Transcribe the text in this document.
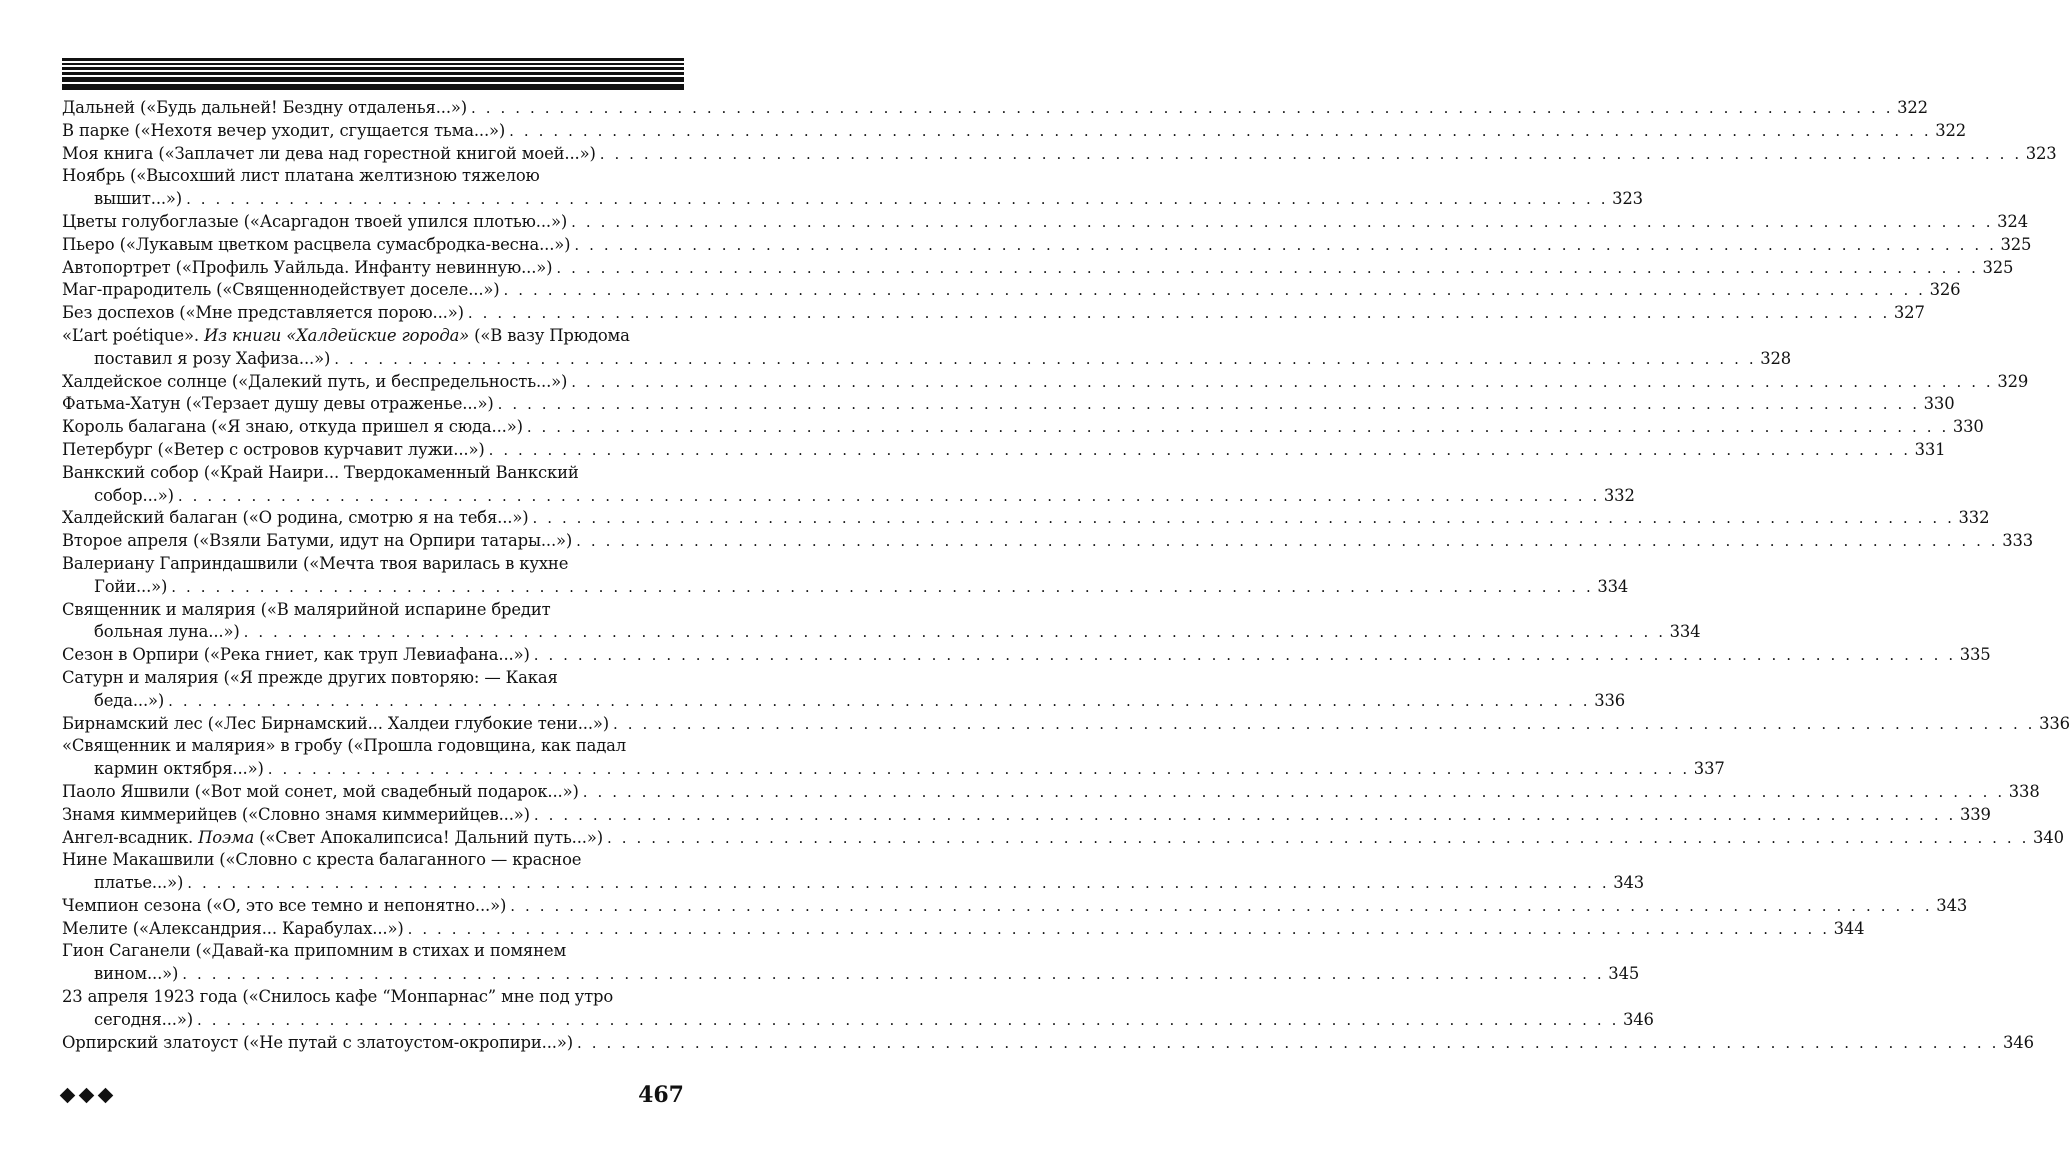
Дальней («Будь дальней! Бездну отдаленья...») . . .	322
В парке («Нехотя вечер уходит, сгущается тьма...») . . .	322
Моя книга («Заплачет ли дева над горестной книгой моей...») . . .	323
Ноябрь («Высохший лист платана желтизною тяжелою
вышит...») . . .	323
Цветы голубоглазые («Асаргадон твоей упился плотью...») . . .	324
Пьеро («Лукавым цветком расцвела сумасбродка-весна...») . . .	325
Автопортрет («Профиль Уайльда. Инфанту невинную...») . . .	325
Маг-прародитель («Священнодействует доселе...») . . .	326
Без доспехов («Мне представляется порою...») . . .	327
«L’art poétique». Из книги «Халдейские города» («В вазу Прюдома
поставил я розу Хафиза...») . . .	328
Халдейское солнце («Далекий путь, и беспредельность...») . . .	329
Фатьма-Хатун («Терзает душу девы отраженье...») . . .	330
Король балагана («Я знаю, откуда пришел я сюда...») . . .	330
Петербург («Ветер с островов курчавит лужи...») . . .	331
Ванкский собор («Край Наири... Твердокаменный Ванкский
собор...») . . .	332
Халдейский балаган («О родина, смотрю я на тебя...») . . .	332
Второе апреля («Взяли Батуми, идут на Орпири татары...») . . .	333
Валериану Гаприндашвили («Мечта твоя варилась в кухне
Гойи...») . . .	334
Священник и малярия («В малярийной испарине бредит
больная луна...») . . .	334
Сезон в Орпири («Река гниет, как труп Левиафана...») . . .	335
Сатурн и малярия («Я прежде других повторяю: — Какая
беда...») . . .	336
Бирнамский лес («Лес Бирнамский... Халдеи глубокие тени...») . . .	336
«Священник и малярия» в гробу («Прошла годовщина, как падал
кармин октября...») . . .	337
Паоло Яшвили («Вот мой сонет, мой свадебный подарок...») . . .	338
Знамя киммерийцев («Словно знамя киммерийцев...») . . .	339
Ангел-всадник. Поэма («Свет Апокалипсиса! Дальний путь...») . . .	340
Нине Макашвили («Словно с креста балаганного — красное
платье...») . . .	343
Чемпион сезона («О, это все темно и непонятно...») . . .	343
Мелите («Александрия... Карабулах...») . . .	344
Гион Саганели («Давай-ка припомним в стихах и помянем
вином...») . . .	345
23 апреля 1923 года («Снилось кафе “Монпарнас” мне под утро
сегодня...») . . .	346
Орпирский златоуст («Не путай с златоустом-окропири...») . . .	346
467
